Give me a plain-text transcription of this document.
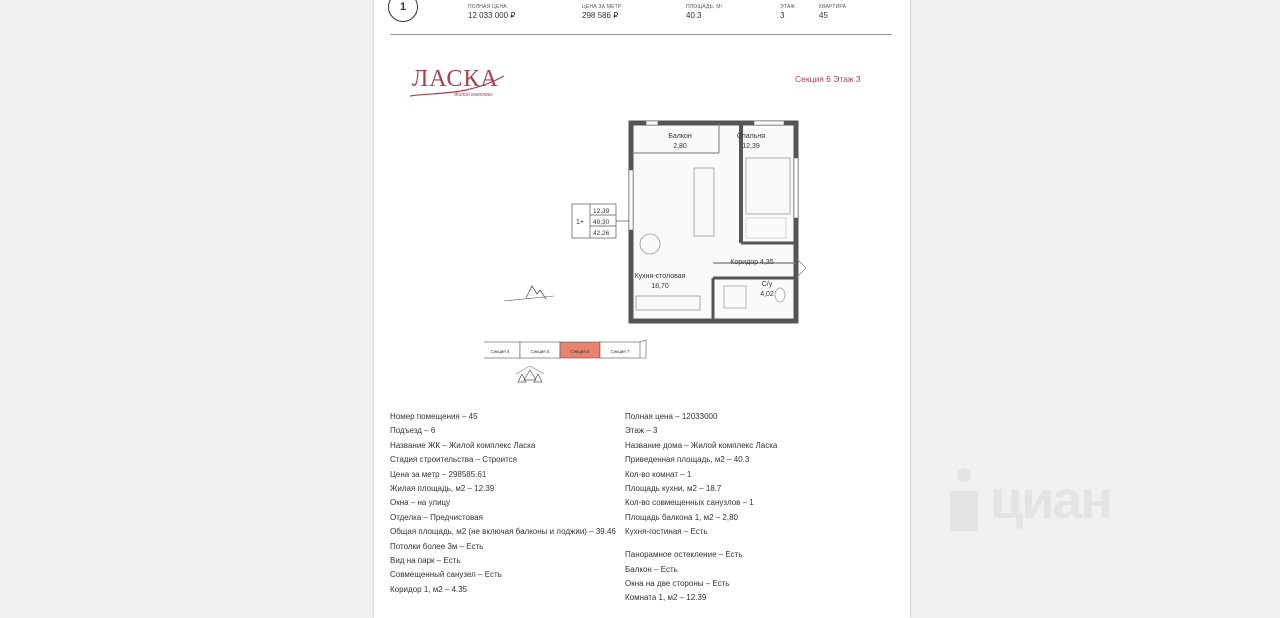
1	ПОЛНАЯ ЦЕНА
12 033 000 ₽
ЦЕНА ЗА МЕТР
298 586 ₽
ПЛОЩАДЬ, М²
40.3
ЭТАЖ
3
КВАРТИРА
45
ЛАСКА
Жилой комплекс
Секция 6 Этаж 3
1+
12,39
40,30
42,26
Балкон
2,80
Спальня
12,39
Коридор 4,35
Кухня-столовая
18,70	С/у
4,02
Секция 4	Секция 5	Секция 6	Секция 7
Номер помещения – 45
Подъезд – 6
Название ЖК – Жилой комплекс Ласка
Стадия строительства – Строится
Цена за метр – 298585.61
Жилая площадь, м2 – 12.39
Окна – на улицу
Отделка – Предчистовая
Общая площадь, м2 (не включая балконы и лоджии) – 39.46
Потолки более 3м – Есть
Вид на парк – Есть
Совмещенный санузел – Есть
Коридор 1, м2 – 4.35
Полная цена – 12033000
Этаж – 3
Название дома – Жилой комплекс Ласка
Приведенная площадь, м2 – 40.3
Кол-во комнат – 1
Площадь кухни, м2 – 18.7
Кол-во совмещенных санузлов – 1
Площадь балкона 1, м2 – 2,80
Кухня-гостиная – Есть
Панорамное остекление – Есть
Балкон – Есть
Окна на две стороны – Есть
Комната 1, м2 – 12.39
циан
